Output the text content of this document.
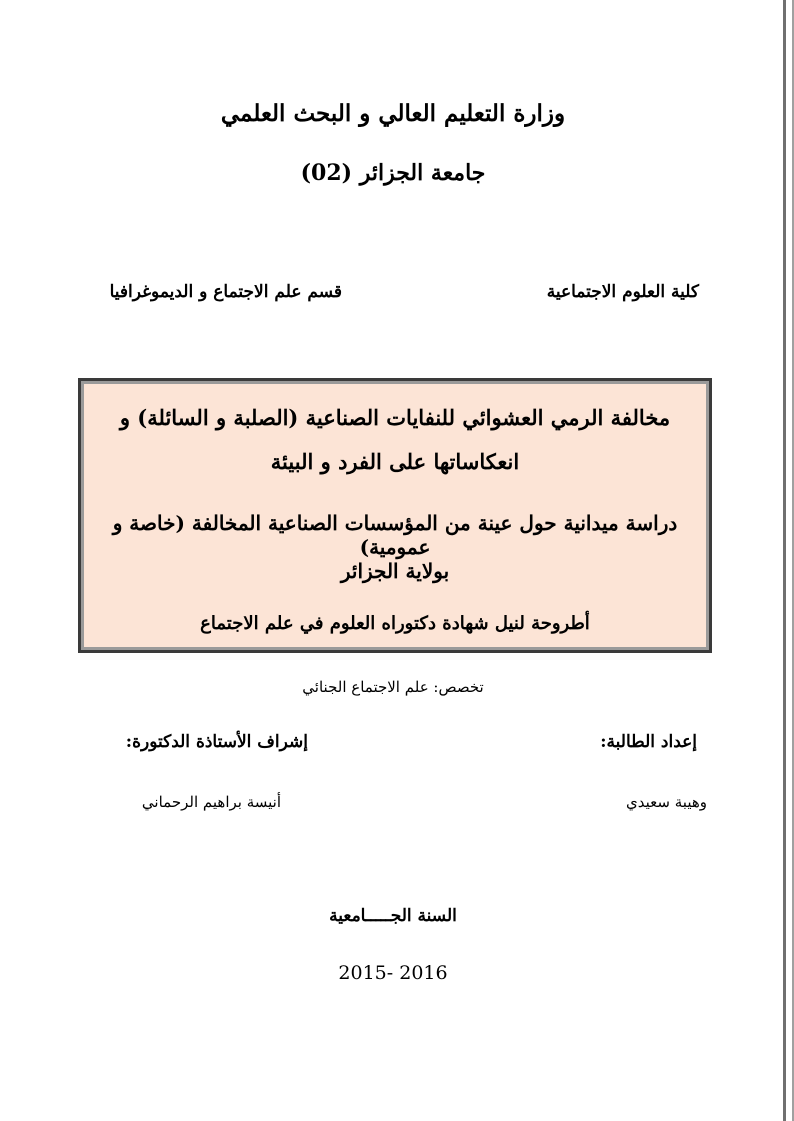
وزارة التعليم العالي و البحث العلمي
جامعة الجزائر (02)
كلية العلوم الاجتماعية
قسم علم الاجتماع و الديموغرافيا
مخالفة الرمي العشوائي للنفايات الصناعية (الصلبة و السائلة) و
انعكاساتها على الفرد و البيئة
دراسة ميدانية حول عينة من المؤسسات الصناعية المخالفة (خاصة و عمومية)
بولاية الجزائر
أطروحة لنيل شهادة دكتوراه العلوم في علم الاجتماع
تخصص: علم الاجتماع الجنائي
إعداد الطالبة:
إشراف الأستاذة الدكتورة:
وهيبة سعيدي
أنيسة براهيم الرحماني
السنة الجـــــامعية
2016 -2015
